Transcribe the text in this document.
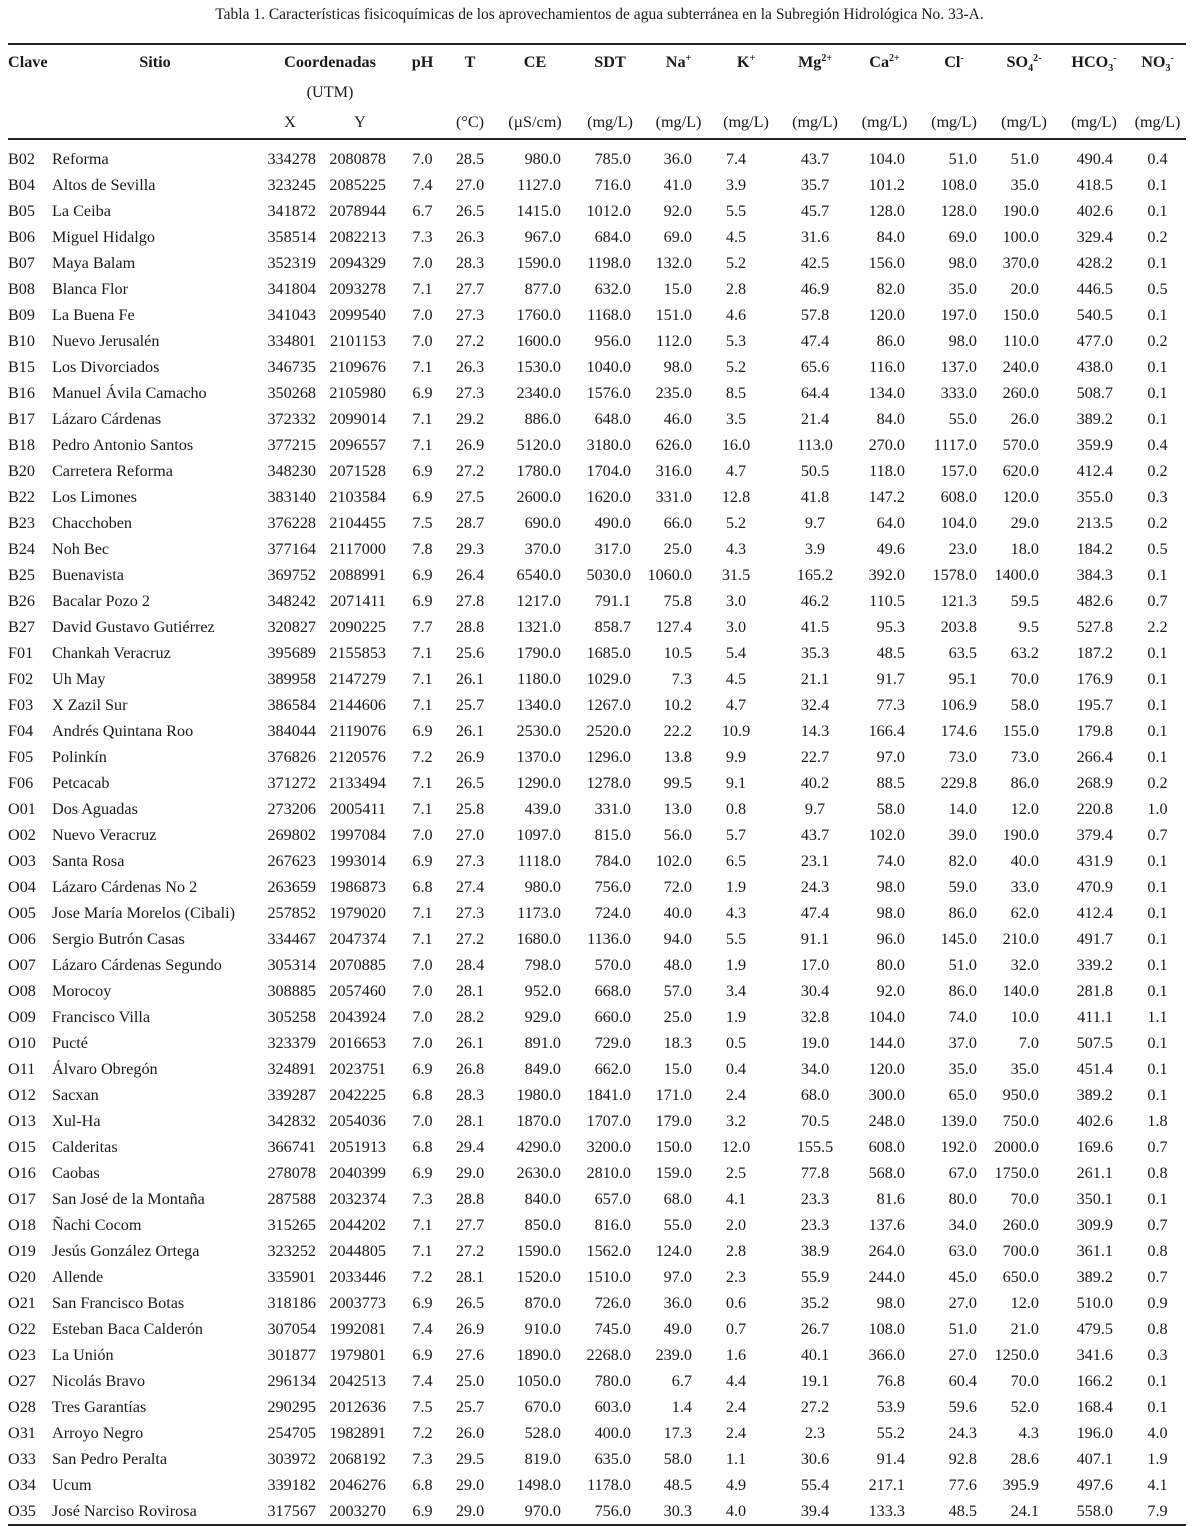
Tabla 1. Características fisicoquímicas de los aprovechamientos de agua subterránea en la Subregión Hidrológica No. 33-A.
Clave	Sitio	Coordenadas		pH	T	CE	SDT	Na+	K+	$Mg^{2+}$	$Ca^{2+}$	Cl-	$SO_4^{2-}$	$HCO_3^-$	$NO_3^-$
		(UTM)													
		X	Y		(°C)	(µS/cm)	(mg/L)	(mg/L)	(mg/L)	(mg/L)	(mg/L)	(mg/L)	(mg/L)	(mg/L)	(mg/L)
B02	Reforma	334278	2080878	7.0	28.5	980.0	785.0	36.0	7.4	43.7	104.0	51.0	51.0	490.4	0.4
B04	Altos de Sevilla	323245	2085225	7.4	27.0	1127.0	716.0	41.0	3.9	35.7	101.2	108.0	35.0	418.5	0.1
B05	La Ceiba	341872	2078944	6.7	26.5	1415.0	1012.0	92.0	5.5	45.7	128.0	128.0	190.0	402.6	0.1
B06	Miguel Hidalgo	358514	2082213	7.3	26.3	967.0	684.0	69.0	4.5	31.6	84.0	69.0	100.0	329.4	0.2
B07	Maya Balam	352319	2094329	7.0	28.3	1590.0	1198.0	132.0	5.2	42.5	156.0	98.0	370.0	428.2	0.1
B08	Blanca Flor	341804	2093278	7.1	27.7	877.0	632.0	15.0	2.8	46.9	82.0	35.0	20.0	446.5	0.5
B09	La Buena Fe	341043	2099540	7.0	27.3	1760.0	1168.0	151.0	4.6	57.8	120.0	197.0	150.0	540.5	0.1
B10	Nuevo Jerusalén	334801	2101153	7.0	27.2	1600.0	956.0	112.0	5.3	47.4	86.0	98.0	110.0	477.0	0.2
B15	Los Divorciados	346735	2109676	7.1	26.3	1530.0	1040.0	98.0	5.2	65.6	116.0	137.0	240.0	438.0	0.1
B16	Manuel Ávila Camacho	350268	2105980	6.9	27.3	2340.0	1576.0	235.0	8.5	64.4	134.0	333.0	260.0	508.7	0.1
B17	Lázaro Cárdenas	372332	2099014	7.1	29.2	886.0	648.0	46.0	3.5	21.4	84.0	55.0	26.0	389.2	0.1
B18	Pedro Antonio Santos	377215	2096557	7.1	26.9	5120.0	3180.0	626.0	16.0	113.0	270.0	1117.0	570.0	359.9	0.4
B20	Carretera Reforma	348230	2071528	6.9	27.2	1780.0	1704.0	316.0	4.7	50.5	118.0	157.0	620.0	412.4	0.2
B22	Los Limones	383140	2103584	6.9	27.5	2600.0	1620.0	331.0	12.8	41.8	147.2	608.0	120.0	355.0	0.3
B23	Chacchoben	376228	2104455	7.5	28.7	690.0	490.0	66.0	5.2	9.7	64.0	104.0	29.0	213.5	0.2
B24	Noh Bec	377164	2117000	7.8	29.3	370.0	317.0	25.0	4.3	3.9	49.6	23.0	18.0	184.2	0.5
B25	Buenavista	369752	2088991	6.9	26.4	6540.0	5030.0	1060.0	31.5	165.2	392.0	1578.0	1400.0	384.3	0.1
B26	Bacalar Pozo 2	348242	2071411	6.9	27.8	1217.0	791.1	75.8	3.0	46.2	110.5	121.3	59.5	482.6	0.7
B27	David Gustavo Gutiérrez	320827	2090225	7.7	28.8	1321.0	858.7	127.4	3.0	41.5	95.3	203.8	9.5	527.8	2.2
F01	Chankah Veracruz	395689	2155853	7.1	25.6	1790.0	1685.0	10.5	5.4	35.3	48.5	63.5	63.2	187.2	0.1
F02	Uh May	389958	2147279	7.1	26.1	1180.0	1029.0	7.3	4.5	21.1	91.7	95.1	70.0	176.9	0.1
F03	X Zazil Sur	386584	2144606	7.1	25.7	1340.0	1267.0	10.2	4.7	32.4	77.3	106.9	58.0	195.7	0.1
F04	Andrés Quintana Roo	384044	2119076	6.9	26.1	2530.0	2520.0	22.2	10.9	14.3	166.4	174.6	155.0	179.8	0.1
F05	Polinkín	376826	2120576	7.2	26.9	1370.0	1296.0	13.8	9.9	22.7	97.0	73.0	73.0	266.4	0.1
F06	Petcacab	371272	2133494	7.1	26.5	1290.0	1278.0	99.5	9.1	40.2	88.5	229.8	86.0	268.9	0.2
O01	Dos Aguadas	273206	2005411	7.1	25.8	439.0	331.0	13.0	0.8	9.7	58.0	14.0	12.0	220.8	1.0
O02	Nuevo Veracruz	269802	1997084	7.0	27.0	1097.0	815.0	56.0	5.7	43.7	102.0	39.0	190.0	379.4	0.7
O03	Santa Rosa	267623	1993014	6.9	27.3	1118.0	784.0	102.0	6.5	23.1	74.0	82.0	40.0	431.9	0.1
O04	Lázaro Cárdenas No 2	263659	1986873	6.8	27.4	980.0	756.0	72.0	1.9	24.3	98.0	59.0	33.0	470.9	0.1
O05	Jose María Morelos (Cibali)	257852	1979020	7.1	27.3	1173.0	724.0	40.0	4.3	47.4	98.0	86.0	62.0	412.4	0.1
O06	Sergio Butrón Casas	334467	2047374	7.1	27.2	1680.0	1136.0	94.0	5.5	91.1	96.0	145.0	210.0	491.7	0.1
O07	Lázaro Cárdenas Segundo	305314	2070885	7.0	28.4	798.0	570.0	48.0	1.9	17.0	80.0	51.0	32.0	339.2	0.1
O08	Morocoy	308885	2057460	7.0	28.1	952.0	668.0	57.0	3.4	30.4	92.0	86.0	140.0	281.8	0.1
O09	Francisco Villa	305258	2043924	7.0	28.2	929.0	660.0	25.0	1.9	32.8	104.0	74.0	10.0	411.1	1.1
O10	Pucté	323379	2016653	7.0	26.1	891.0	729.0	18.3	0.5	19.0	144.0	37.0	7.0	507.5	0.1
O11	Álvaro Obregón	324891	2023751	6.9	26.8	849.0	662.0	15.0	0.4	34.0	120.0	35.0	35.0	451.4	0.1
O12	Sacxan	339287	2042225	6.8	28.3	1980.0	1841.0	171.0	2.4	68.0	300.0	65.0	950.0	389.2	0.1
O13	Xul-Ha	342832	2054036	7.0	28.1	1870.0	1707.0	179.0	3.2	70.5	248.0	139.0	750.0	402.6	1.8
O15	Calderitas	366741	2051913	6.8	29.4	4290.0	3200.0	150.0	12.0	155.5	608.0	192.0	2000.0	169.6	0.7
O16	Caobas	278078	2040399	6.9	29.0	2630.0	2810.0	159.0	2.5	77.8	568.0	67.0	1750.0	261.1	0.8
O17	San José de la Montaña	287588	2032374	7.3	28.8	840.0	657.0	68.0	4.1	23.3	81.6	80.0	70.0	350.1	0.1
O18	Ñachi Cocom	315265	2044202	7.1	27.7	850.0	816.0	55.0	2.0	23.3	137.6	34.0	260.0	309.9	0.7
O19	Jesús González Ortega	323252	2044805	7.1	27.2	1590.0	1562.0	124.0	2.8	38.9	264.0	63.0	700.0	361.1	0.8
O20	Allende	335901	2033446	7.2	28.1	1520.0	1510.0	97.0	2.3	55.9	244.0	45.0	650.0	389.2	0.7
O21	San Francisco Botas	318186	2003773	6.9	26.5	870.0	726.0	36.0	0.6	35.2	98.0	27.0	12.0	510.0	0.9
O22	Esteban Baca Calderón	307054	1992081	7.4	26.9	910.0	745.0	49.0	0.7	26.7	108.0	51.0	21.0	479.5	0.8
O23	La Unión	301877	1979801	6.9	27.6	1890.0	2268.0	239.0	1.6	40.1	366.0	27.0	1250.0	341.6	0.3
O27	Nicolás Bravo	296134	2042513	7.4	25.0	1050.0	780.0	6.7	4.4	19.1	76.8	60.4	70.0	166.2	0.1
O28	Tres Garantías	290295	2012636	7.5	25.7	670.0	603.0	1.4	2.4	27.2	53.9	59.6	52.0	168.4	0.1
O31	Arroyo Negro	254705	1982891	7.2	26.0	528.0	400.0	17.3	2.4	2.3	55.2	24.3	4.3	196.0	4.0
O33	San Pedro Peralta	303972	2068192	7.3	29.5	819.0	635.0	58.0	1.1	30.6	91.4	92.8	28.6	407.1	1.9
O34	Ucum	339182	2046276	6.8	29.0	1498.0	1178.0	48.5	4.9	55.4	217.1	77.6	395.9	497.6	4.1
O35	José Narciso Rovirosa	317567	2003270	6.9	29.0	970.0	756.0	30.3	4.0	39.4	133.3	48.5	24.1	558.0	7.9
